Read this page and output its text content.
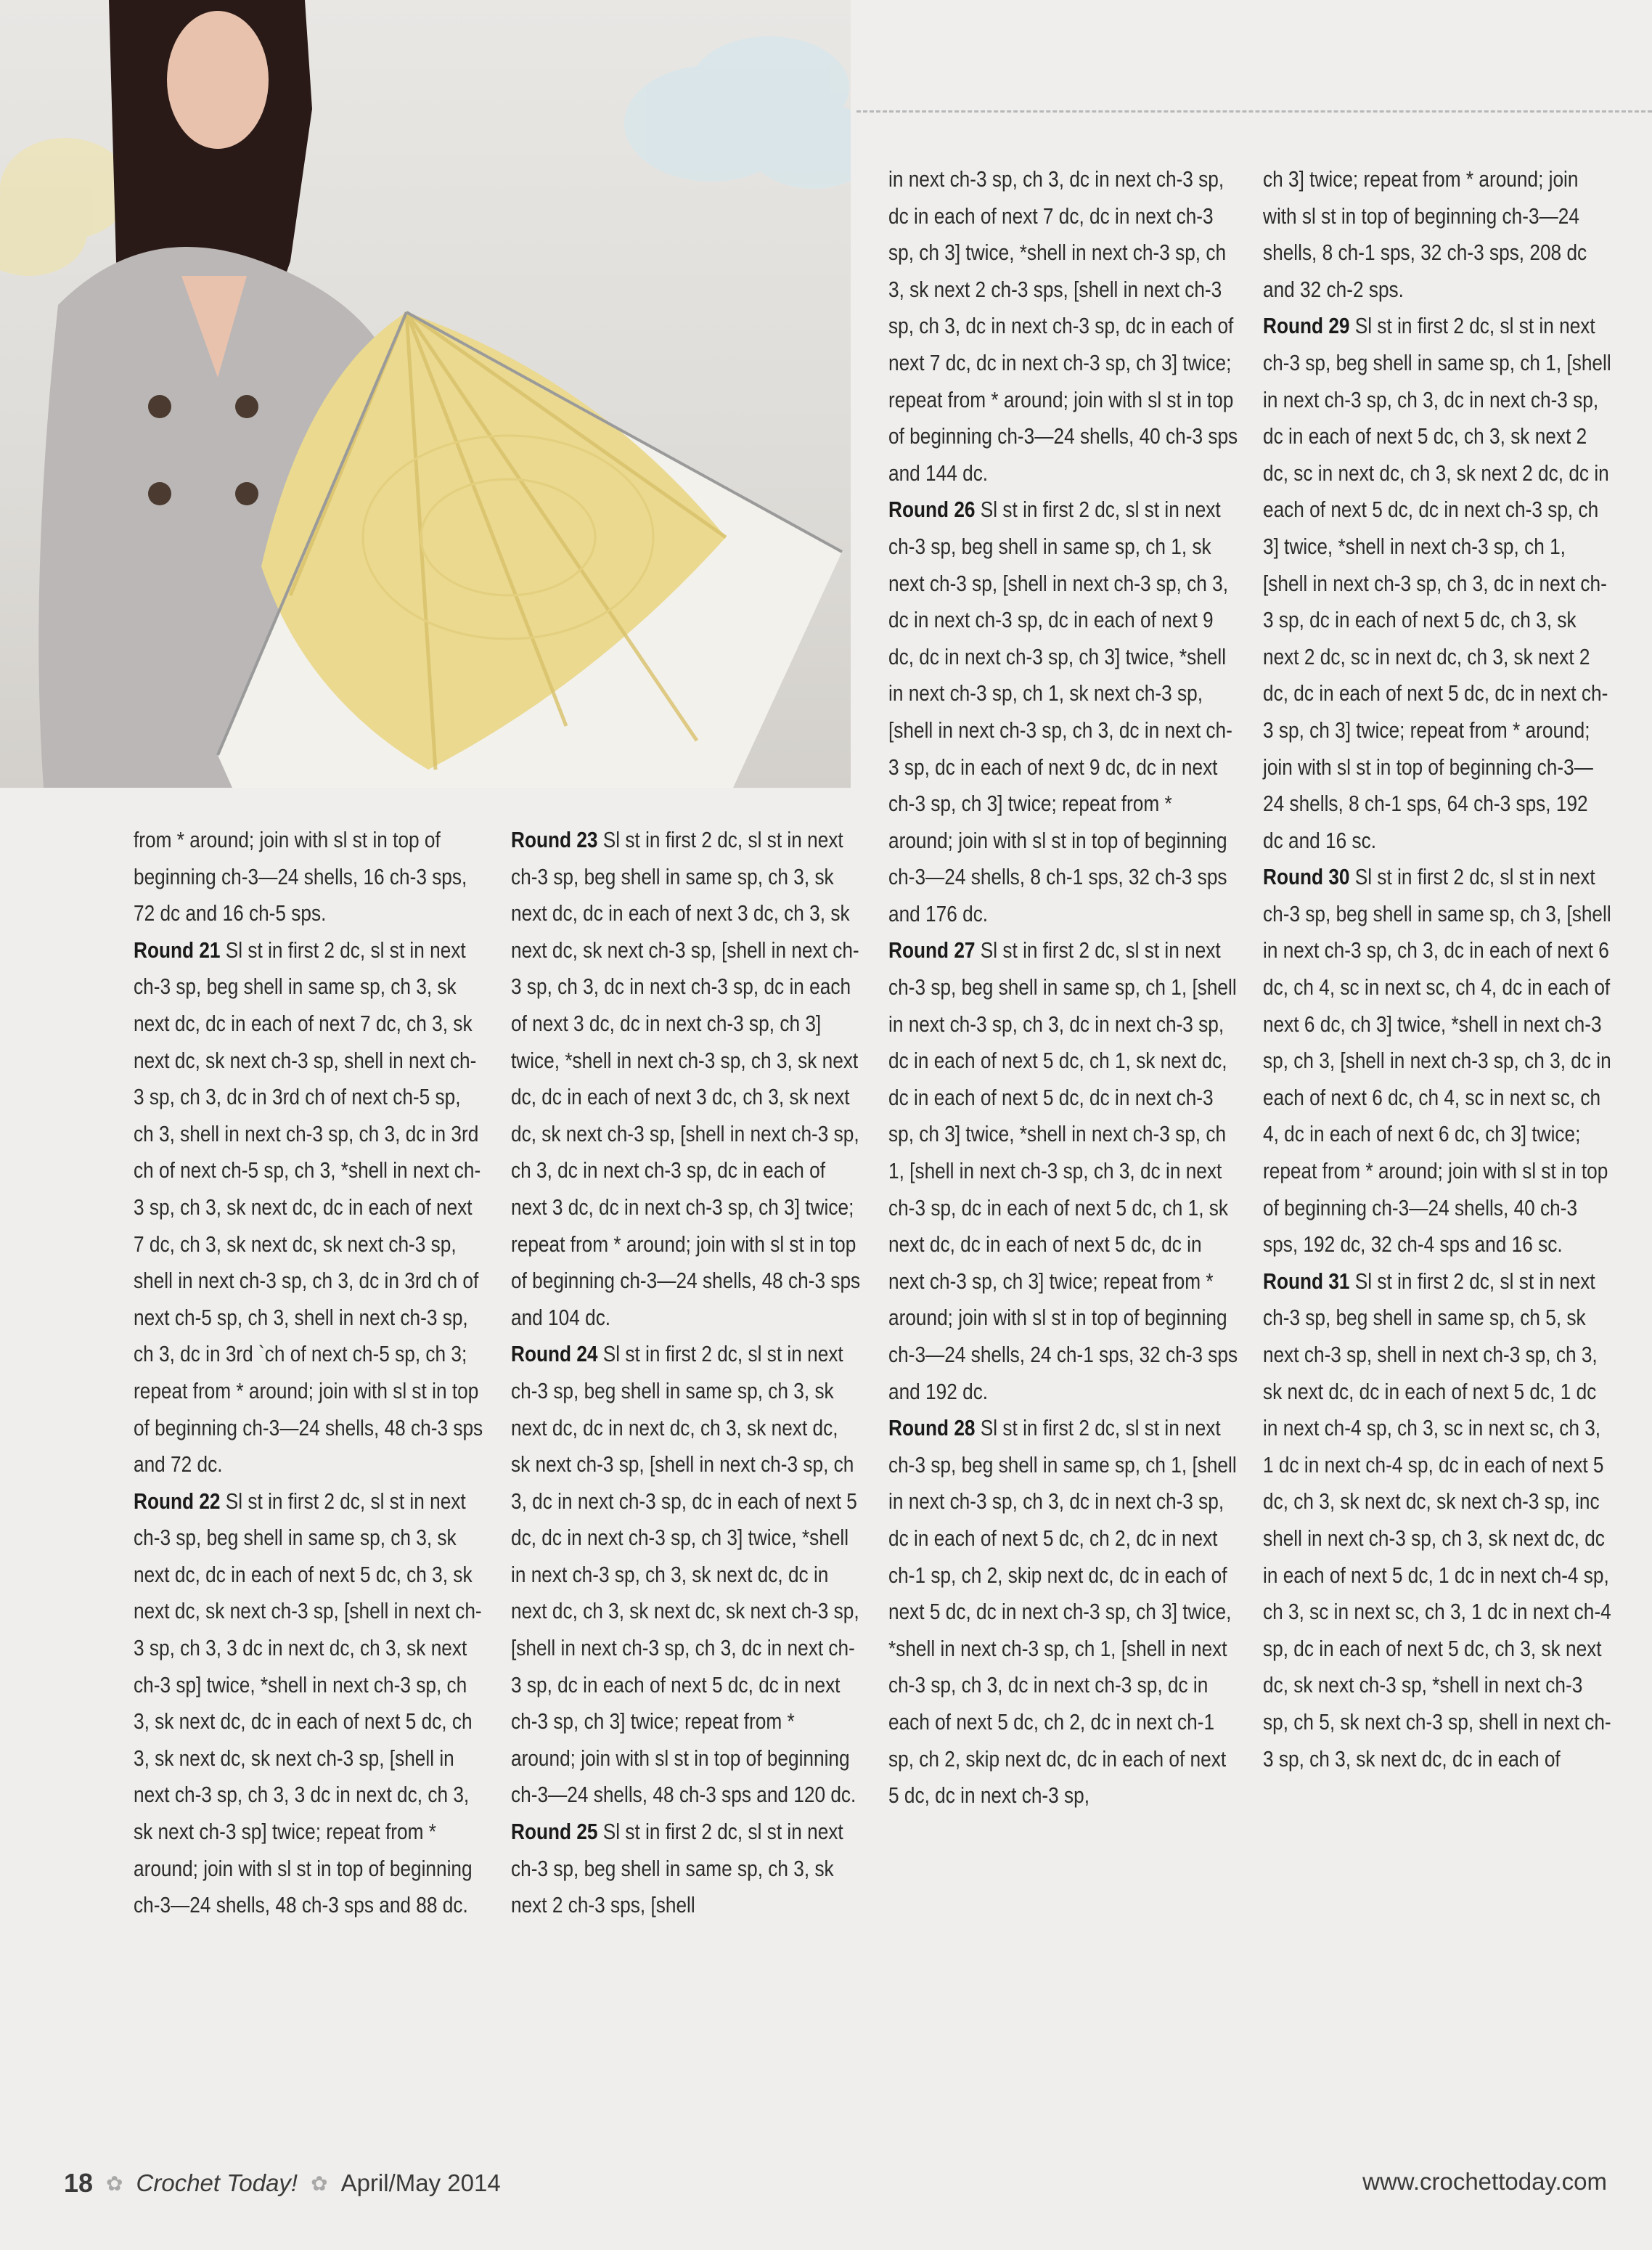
from * around; join with sl st in top of beginning ch-3—24 shells, 16 ch-3 sps, 72 dc and 16 ch-5 sps.

Round 21 Sl st in first 2 dc, sl st in next ch-3 sp, beg shell in same sp, ch 3, sk next dc, dc in each of next 7 dc, ch 3, sk next dc, sk next ch-3 sp, shell in next ch-3 sp, ch 3, dc in 3rd ch of next ch-5 sp, ch 3, shell in next ch-3 sp, ch 3, dc in 3rd ch of next ch-5 sp, ch 3, *shell in next ch-3 sp, ch 3, sk next dc, dc in each of next 7 dc, ch 3, sk next dc, sk next ch-3 sp, shell in next ch-3 sp, ch 3, dc in 3rd ch of next ch-5 sp, ch 3, shell in next ch-3 sp, ch 3, dc in 3rd `ch of next ch-5 sp, ch 3; repeat from * around; join with sl st in top of beginning ch-3—24 shells, 48 ch-3 sps and 72 dc.

Round 22 Sl st in first 2 dc, sl st in next ch-3 sp, beg shell in same sp, ch 3, sk next dc, dc in each of next 5 dc, ch 3, sk next dc, sk next ch-3 sp, [shell in next ch-3 sp, ch 3, 3 dc in next dc, ch 3, sk next ch-3 sp] twice, *shell in next ch-3 sp, ch 3, sk next dc, dc in each of next 5 dc, ch 3, sk next dc, sk next ch-3 sp, [shell in next ch-3 sp, ch 3, 3 dc in next dc, ch 3, sk next ch-3 sp] twice; repeat from * around; join with sl st in top of beginning ch-3—24 shells, 48 ch-3 sps and 88 dc.

Round 23 Sl st in first 2 dc, sl st in next ch-3 sp, beg shell in same sp, ch 3, sk next dc, dc in each of next 3 dc, ch 3, sk next dc, sk next ch-3 sp, [shell in next ch-3 sp, ch 3, dc in next ch-3 sp, dc in each of next 3 dc, dc in next ch-3 sp, ch 3] twice, *shell in next ch-3 sp, ch 3, sk next dc, dc in each of next 3 dc, ch 3, sk next dc, sk next ch-3 sp, [shell in next ch-3 sp, ch 3, dc in next ch-3 sp, dc in each of next 3 dc, dc in next ch-3 sp, ch 3] twice; repeat from * around; join with sl st in top of beginning ch-3—24 shells, 48 ch-3 sps and 104 dc.

Round 24 Sl st in first 2 dc, sl st in next ch-3 sp, beg shell in same sp, ch 3, sk next dc, dc in next dc, ch 3, sk next dc, sk next ch-3 sp, [shell in next ch-3 sp, ch 3, dc in next ch-3 sp, dc in each of next 5 dc, dc in next ch-3 sp, ch 3] twice, *shell in next ch-3 sp, ch 3, sk next dc, dc in next dc, ch 3, sk next dc, sk next ch-3 sp, [shell in next ch-3 sp, ch 3, dc in next ch-3 sp, dc in each of next 5 dc, dc in next ch-3 sp, ch 3] twice; repeat from * around; join with sl st in top of beginning ch-3—24 shells, 48 ch-3 sps and 120 dc.

Round 25 Sl st in first 2 dc, sl st in next ch-3 sp, beg shell in same sp, ch 3, sk next 2 ch-3 sps, [shell

in next ch-3 sp, ch 3, dc in next ch-3 sp, dc in each of next 7 dc, dc in next ch-3 sp, ch 3] twice, *shell in next ch-3 sp, ch 3, sk next 2 ch-3 sps, [shell in next ch-3 sp, ch 3, dc in next ch-3 sp, dc in each of next 7 dc, dc in next ch-3 sp, ch 3] twice; repeat from * around; join with sl st in top of beginning ch-3—24 shells, 40 ch-3 sps and 144 dc.

Round 26 Sl st in first 2 dc, sl st in next ch-3 sp, beg shell in same sp, ch 1, sk next ch-3 sp, [shell in next ch-3 sp, ch 3, dc in next ch-3 sp, dc in each of next 9 dc, dc in next ch-3 sp, ch 3] twice, *shell in next ch-3 sp, ch 1, sk next ch-3 sp, [shell in next ch-3 sp, ch 3, dc in next ch-3 sp, dc in each of next 9 dc, dc in next ch-3 sp, ch 3] twice; repeat from * around; join with sl st in top of beginning ch-3—24 shells, 8 ch-1 sps, 32 ch-3 sps and 176 dc.

Round 27 Sl st in first 2 dc, sl st in next ch-3 sp, beg shell in same sp, ch 1, [shell in next ch-3 sp, ch 3, dc in next ch-3 sp, dc in each of next 5 dc, ch 1, sk next dc, dc in each of next 5 dc, dc in next ch-3 sp, ch 3] twice, *shell in next ch-3 sp, ch 1, [shell in next ch-3 sp, ch 3, dc in next ch-3 sp, dc in each of next 5 dc, ch 1, sk next dc, dc in each of next 5 dc, dc in next ch-3 sp, ch 3] twice; repeat from * around; join with sl st in top of beginning ch-3—24 shells, 24 ch-1 sps, 32 ch-3 sps and 192 dc.

Round 28 Sl st in first 2 dc, sl st in next ch-3 sp, beg shell in same sp, ch 1, [shell in next ch-3 sp, ch 3, dc in next ch-3 sp, dc in each of next 5 dc, ch 2, dc in next ch-1 sp, ch 2, skip next dc, dc in each of next 5 dc, dc in next ch-3 sp, ch 3] twice, *shell in next ch-3 sp, ch 1, [shell in next ch-3 sp, ch 3, dc in next ch-3 sp, dc in each of next 5 dc, ch 2, dc in next ch-1 sp, ch 2, skip next dc, dc in each of next 5 dc, dc in next ch-3 sp,

ch 3] twice; repeat from * around; join with sl st in top of beginning ch-3—24 shells, 8 ch-1 sps, 32 ch-3 sps, 208 dc and 32 ch-2 sps.

Round 29 Sl st in first 2 dc, sl st in next ch-3 sp, beg shell in same sp, ch 1, [shell in next ch-3 sp, ch 3, dc in next ch-3 sp, dc in each of next 5 dc, ch 3, sk next 2 dc, sc in next dc, ch 3, sk next 2 dc, dc in each of next 5 dc, dc in next ch-3 sp, ch 3] twice, *shell in next ch-3 sp, ch 1, [shell in next ch-3 sp, ch 3, dc in next ch-3 sp, dc in each of next 5 dc, ch 3, sk next 2 dc, sc in next dc, ch 3, sk next 2 dc, dc in each of next 5 dc, dc in next ch-3 sp, ch 3] twice; repeat from * around; join with sl st in top of beginning ch-3—24 shells, 8 ch-1 sps, 64 ch-3 sps, 192 dc and 16 sc.

Round 30 Sl st in first 2 dc, sl st in next ch-3 sp, beg shell in same sp, ch 3, [shell in next ch-3 sp, ch 3, dc in each of next 6 dc, ch 4, sc in next sc, ch 4, dc in each of next 6 dc, ch 3] twice, *shell in next ch-3 sp, ch 3, [shell in next ch-3 sp, ch 3, dc in each of next 6 dc, ch 4, sc in next sc, ch 4, dc in each of next 6 dc, ch 3] twice; repeat from * around; join with sl st in top of beginning ch-3—24 shells, 40 ch-3 sps, 192 dc, 32 ch-4 sps and 16 sc.

Round 31 Sl st in first 2 dc, sl st in next ch-3 sp, beg shell in same sp, ch 5, sk next ch-3 sp, shell in next ch-3 sp, ch 3, sk next dc, dc in each of next 5 dc, 1 dc in next ch-4 sp, ch 3, sc in next sc, ch 3, 1 dc in next ch-4 sp, dc in each of next 5 dc, ch 3, sk next dc, sk next ch-3 sp, inc shell in next ch-3 sp, ch 3, sk next dc, dc in each of next 5 dc, 1 dc in next ch-4 sp, ch 3, sc in next sc, ch 3, 1 dc in next ch-4 sp, dc in each of next 5 dc, ch 3, sk next dc, sk next ch-3 sp, *shell in next ch-3 sp, ch 5, sk next ch-3 sp, shell in next ch-3 sp, ch 3, sk next dc, dc in each of

18 ✿ Crochet Today! ✿ April/May 2014	www.crochettoday.com
